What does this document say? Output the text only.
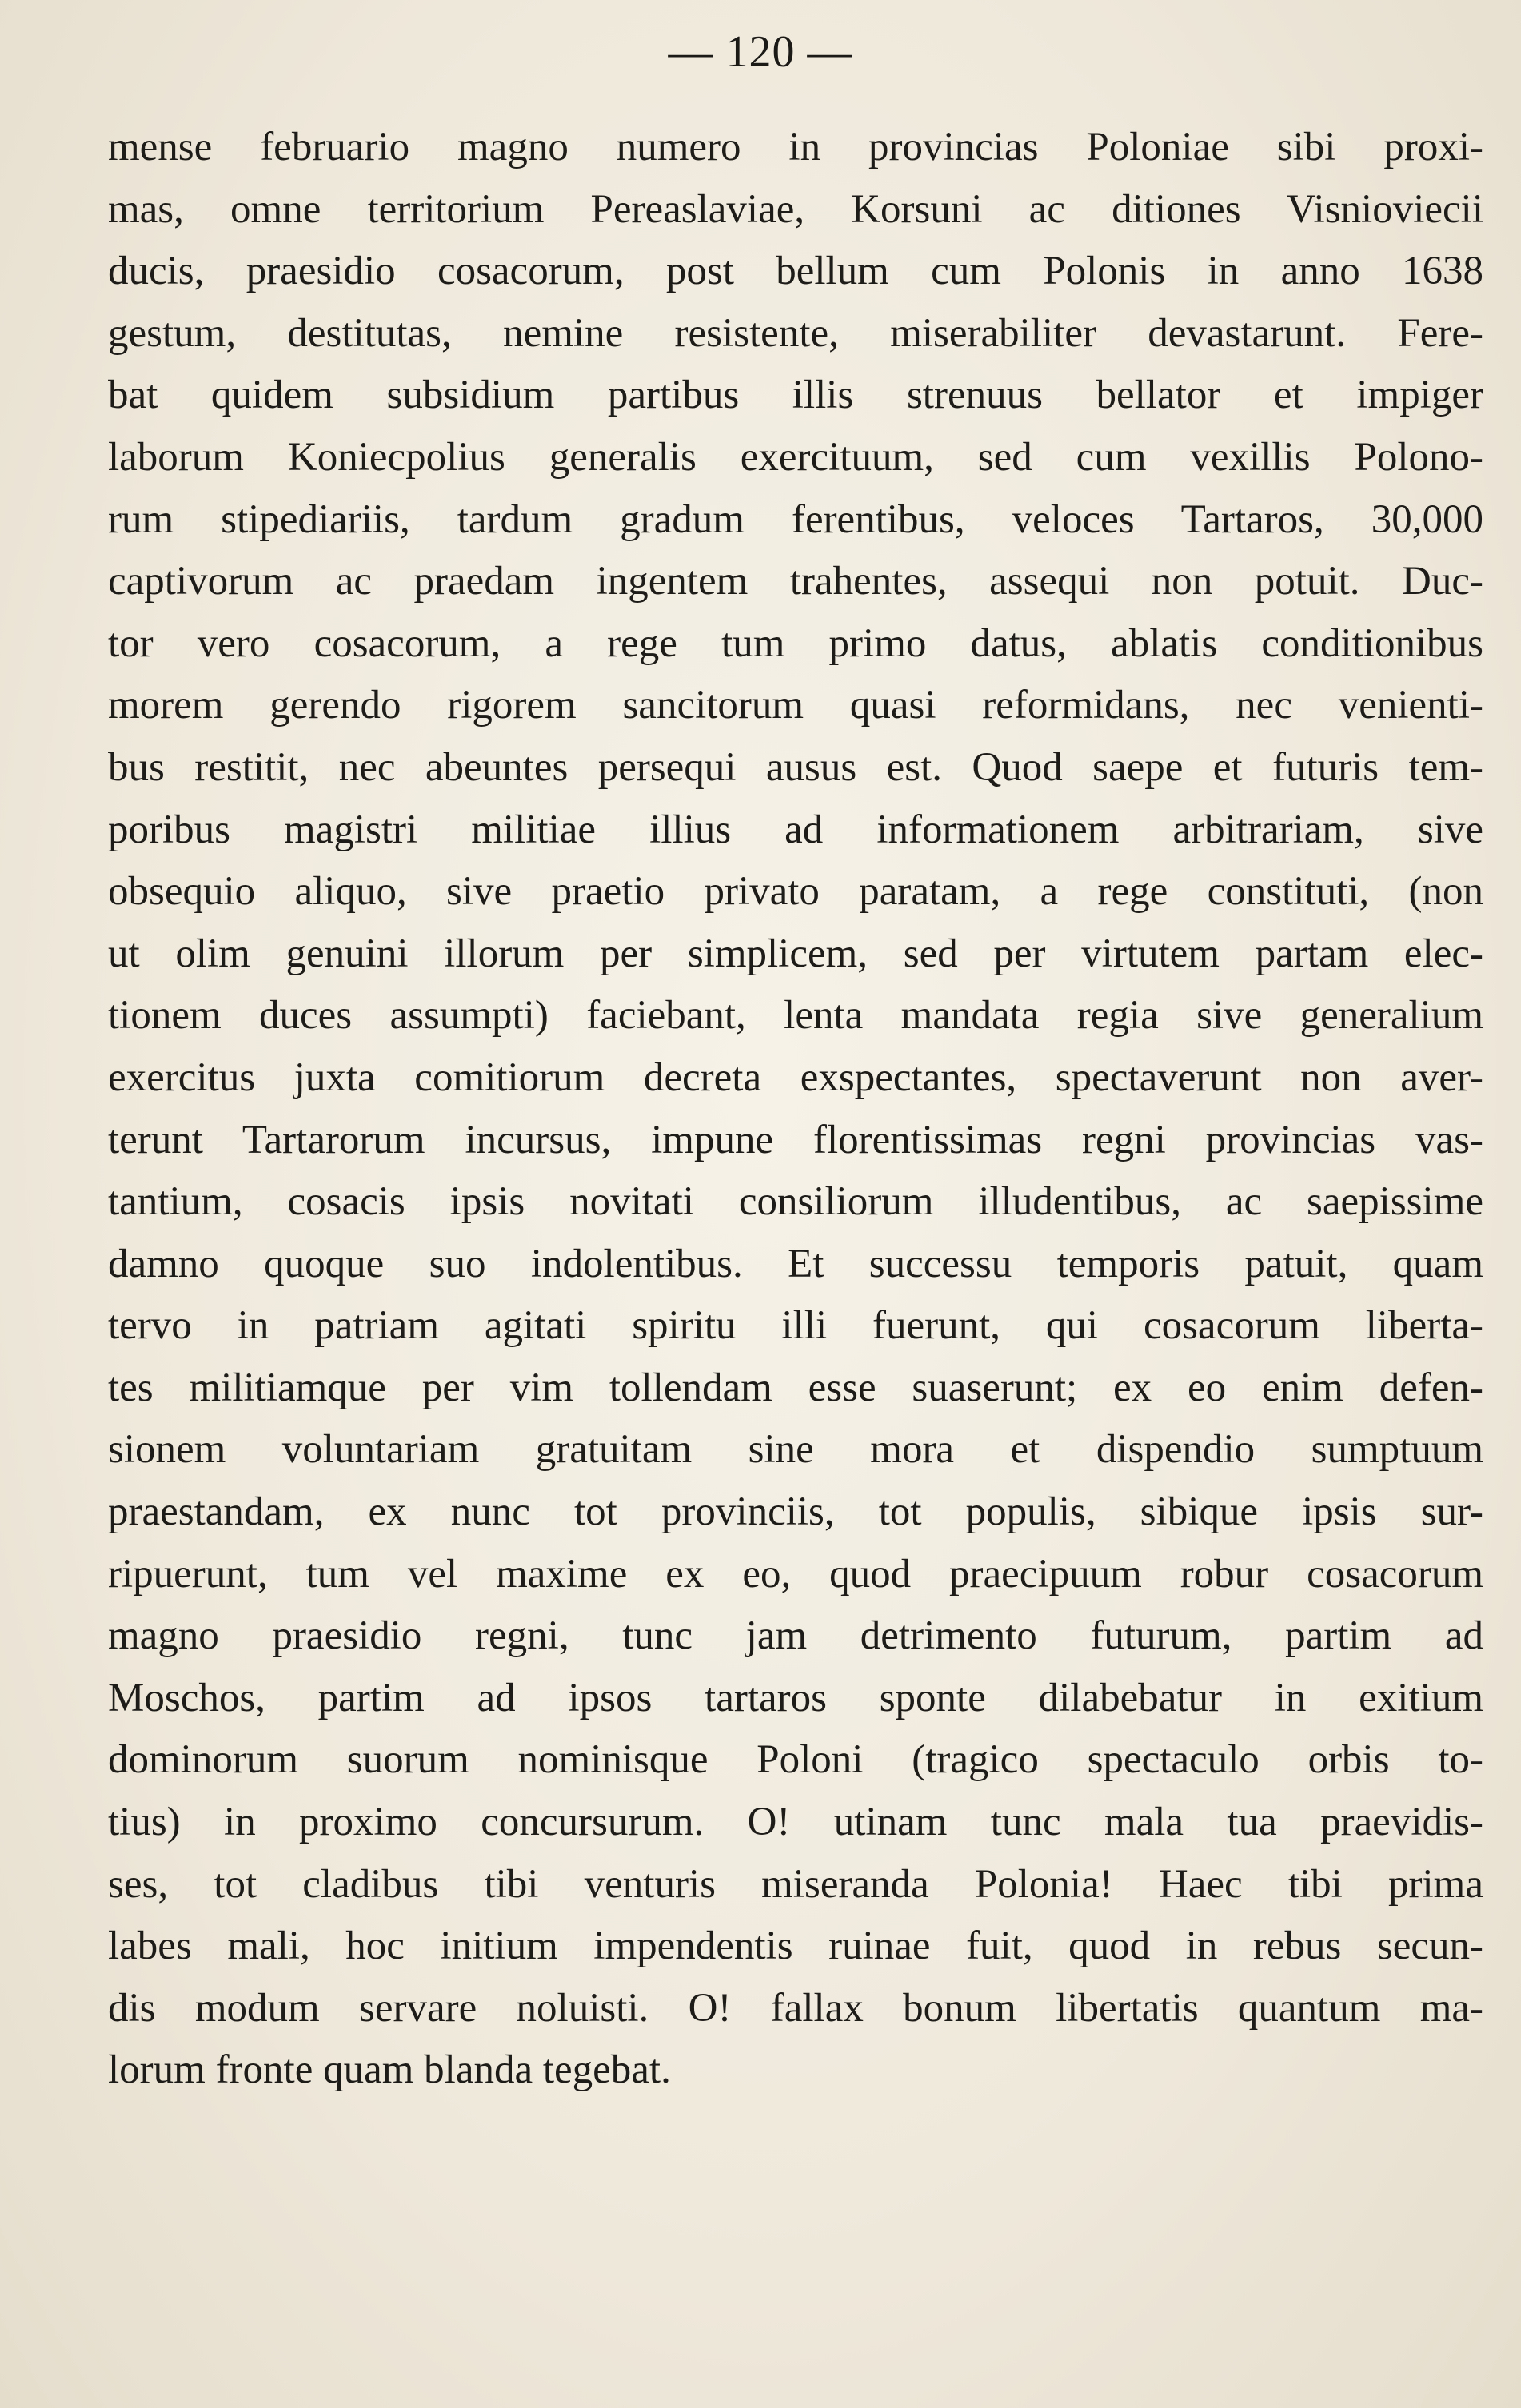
— 120 —
mense februario magno numero in provincias Poloniae sibi proxi-
mas, omne territorium Pereaslaviae, Korsuni ac ditiones Visnioviecii
ducis, praesidio cosacorum, post bellum cum Polonis in anno 1638
gestum, destitutas, nemine resistente, miserabiliter devastarunt. Fere-
bat quidem subsidium partibus illis strenuus bellator et impiger
laborum Koniecpolius generalis exercituum, sed cum vexillis Polono-
rum stipediariis, tardum gradum ferentibus, veloces Tartaros, 30,000
captivorum ac praedam ingentem trahentes, assequi non potuit. Duc-
tor vero cosacorum, a rege tum primo datus, ablatis conditionibus
morem gerendo rigorem sancitorum quasi reformidans, nec venienti-
bus restitit, nec abeuntes persequi ausus est. Quod saepe et futuris tem-
poribus magistri militiae illius ad informationem arbitrariam, sive
obsequio aliquo, sive praetio privato paratam, a rege constituti, (non
ut olim genuini illorum per simplicem, sed per virtutem partam elec-
tionem duces assumpti) faciebant, lenta mandata regia sive generalium
exercitus juxta comitiorum decreta exspectantes, spectaverunt non aver-
terunt Tartarorum incursus, impune florentissimas regni provincias vas-
tantium, cosacis ipsis novitati consiliorum illudentibus, ac saepissime
damno quoque suo indolentibus. Et successu temporis patuit, quam
tervo in patriam agitati spiritu illi fuerunt, qui cosacorum liberta-
tes militiamque per vim tollendam esse suaserunt; ex eo enim defen-
sionem voluntariam gratuitam sine mora et dispendio sumptuum
praestandam, ex nunc tot provinciis, tot populis, sibique ipsis sur-
ripuerunt, tum vel maxime ex eo, quod praecipuum robur cosacorum
magno praesidio regni, tunc jam detrimento futurum, partim ad
Moschos, partim ad ipsos tartaros sponte dilabebatur in exitium
dominorum suorum nominisque Poloni (tragico spectaculo orbis to-
tius) in proximo concursurum. O! utinam tunc mala tua praevidis-
ses, tot cladibus tibi venturis miseranda Polonia! Haec tibi prima
labes mali, hoc initium impendentis ruinae fuit, quod in rebus secun-
dis modum servare noluisti. O! fallax bonum libertatis quantum ma-
lorum fronte quam blanda tegebat.
